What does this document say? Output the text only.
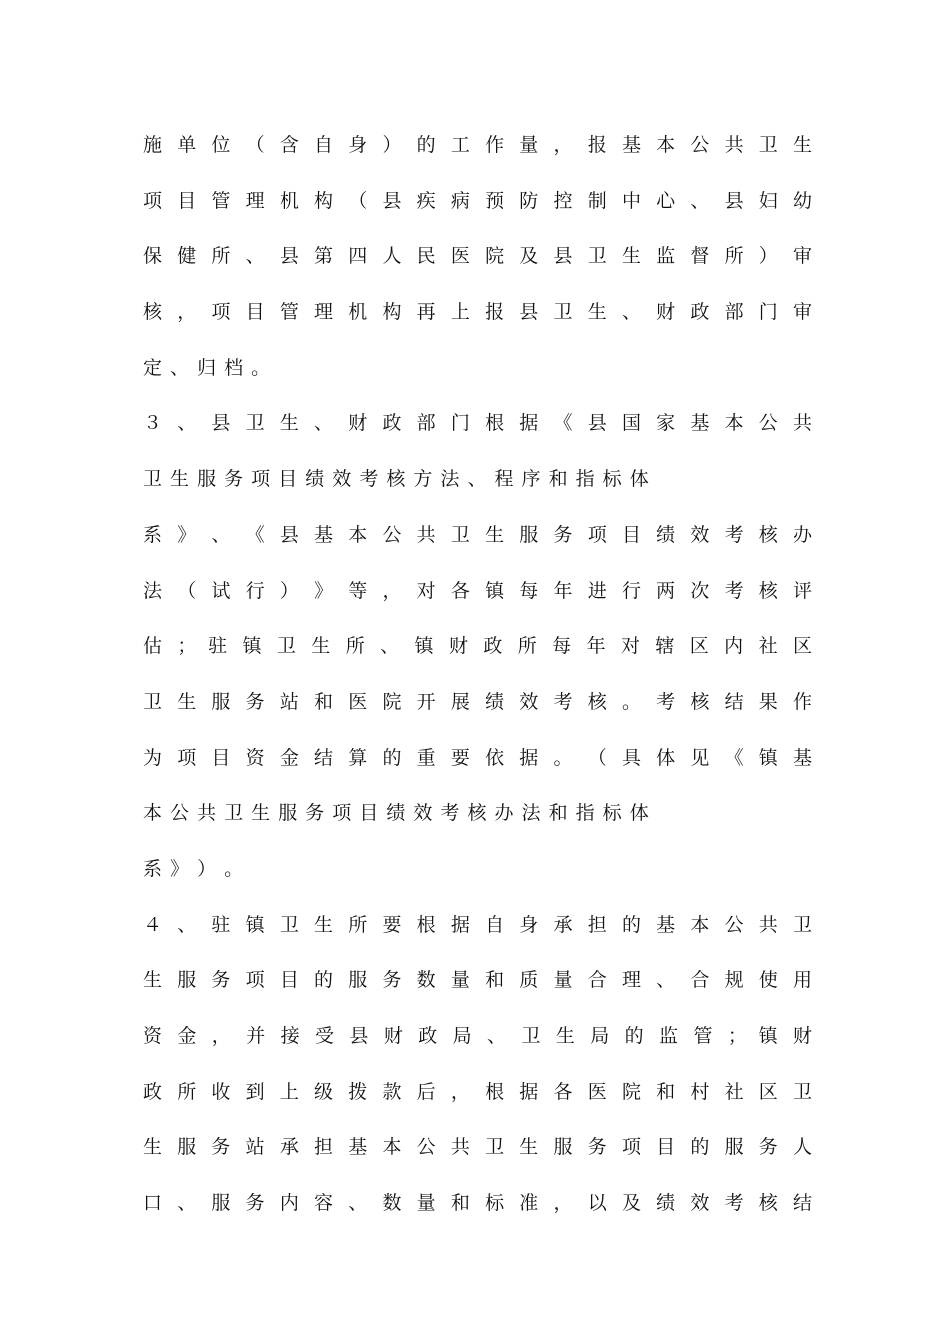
施 单 位 （ 含 自 身 ） 的 工 作 量 ， 报 基 本 公 共 卫 生
项 目 管 理 机 构 （ 县 疾 病 预 防 控 制 中 心 、 县 妇 幼
保 健 所 、 县 第 四 人 民 医 院 及 县 卫 生 监 督 所 ） 审
核 ， 项 目 管 理 机 构 再 上 报 县 卫 生 、 财 政 部 门 审
定 、 归 档 。
３ 、 县 卫 生 、 财 政 部 门 根 据 《 县 国 家 基 本 公 共
卫 生 服 务 项 目 绩 效 考 核 方 法 、 程 序 和 指 标 体
系 》 、 《 县 基 本 公 共 卫 生 服 务 项 目 绩 效 考 核 办
法 （ 试 行 ） 》 等 ， 对 各 镇 每 年 进 行 两 次 考 核 评
估 ； 驻 镇 卫 生 所 、 镇 财 政 所 每 年 对 辖 区 内 社 区
卫 生 服 务 站 和 医 院 开 展 绩 效 考 核 。 考 核 结 果 作
为 项 目 资 金 结 算 的 重 要 依 据 。 （ 具 体 见 《 镇 基
本 公 共 卫 生 服 务 项 目 绩 效 考 核 办 法 和 指 标 体
系 》 ） 。
４ 、 驻 镇 卫 生 所 要 根 据 自 身 承 担 的 基 本 公 共 卫
生 服 务 项 目 的 服 务 数 量 和 质 量 合 理 、 合 规 使 用
资 金 ， 并 接 受 县 财 政 局 、 卫 生 局 的 监 管 ； 镇 财
政 所 收 到 上 级 拨 款 后 ， 根 据 各 医 院 和 村 社 区 卫
生 服 务 站 承 担 基 本 公 共 卫 生 服 务 项 目 的 服 务 人
口 、 服 务 内 容 、 数 量 和 标 准 ， 以 及 绩 效 考 核 结
